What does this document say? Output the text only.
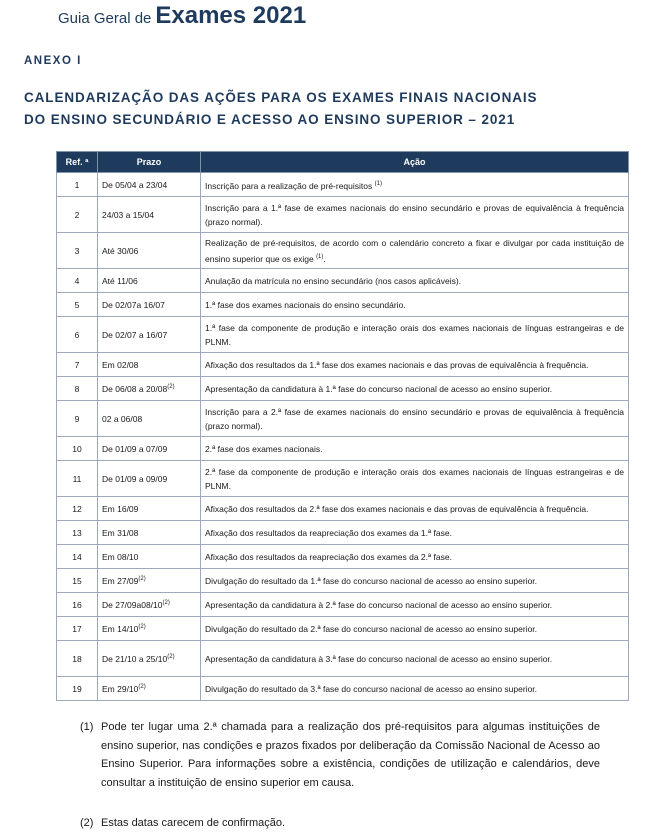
Guia Geral de Exames 2021
ANEXO I
CALENDARIZAÇÃO DAS AÇÕES PARA OS EXAMES FINAIS NACIONAIS
DO ENSINO SECUNDÁRIO E ACESSO AO ENSINO SUPERIOR – 2021
Ref. ª	Prazo	Ação
1	De 05/04 a 23/04	Inscrição para a realização de pré-requisitos $^{(1)}$
2	24/03 a 15/04	Inscrição para a 1.ª fase de exames nacionais do ensino secundário e provas de equivalência à frequência (prazo normal).
3	Até 30/06	Realização de pré-requisitos, de acordo com o calendário concreto a fixar e divulgar por cada instituição de ensino superior que os exige $^{(1)}$.
4	Até 11/06	Anulação da matrícula no ensino secundário (nos casos aplicáveis).
5	De 02/07a 16/07	1.ª fase dos exames nacionais do ensino secundário.
6	De 02/07 a 16/07	1.ª fase da componente de produção e interação orais dos exames nacionais de línguas estrangeiras e de PLNM.
7	Em 02/08	Afixação dos resultados da 1.ª fase dos exames nacionais e das provas de equivalência à frequência.
8	De 06/08 a 20/08$^{(2)}$	Apresentação da candidatura à 1.ª fase do concurso nacional de acesso ao ensino superior.
9	02 a 06/08	Inscrição para a 2.ª fase de exames nacionais do ensino secundário e provas de equivalência à frequência (prazo normal).
10	De 01/09 a 07/09	2.ª fase dos exames nacionais.
11	De 01/09 a 09/09	2.ª fase da componente de produção e interação orais dos exames nacionais de línguas estrangeiras e de PLNM.
12	Em 16/09	Afixação dos resultados da 2.ª fase dos exames nacionais e das provas de equivalência à frequência.
13	Em 31/08	Afixação dos resultados da reapreciação dos exames da 1.ª fase.
14	Em 08/10	Afixação dos resultados da reapreciação dos exames da 2.ª fase.
15	Em 27/09$^{(2)}$	Divulgação do resultado da 1.ª fase do concurso nacional de acesso ao ensino superior.
16	De 27/09a08/10$^{(2)}$	Apresentação da candidatura à 2.ª fase do concurso nacional de acesso ao ensino superior.
17	Em 14/10$^{(2)}$	Divulgação do resultado da 2.ª fase do concurso nacional de acesso ao ensino superior.
18	De 21/10 a 25/10$^{(2)}$	Apresentação da candidatura à 3.ª fase do concurso nacional de acesso ao ensino superior.
19	Em 29/10$^{(2)}$	Divulgação do resultado da 3.ª fase do concurso nacional de acesso ao ensino superior.
(1) Pode ter lugar uma 2.ª chamada para a realização dos pré-requisitos para algumas instituições de ensino superior, nas condições e prazos fixados por deliberação da Comissão Nacional de Acesso ao Ensino Superior. Para informações sobre a existência, condições de utilização e calendários, deve consultar a instituição de ensino superior em causa.
(2) Estas datas carecem de confirmação.
